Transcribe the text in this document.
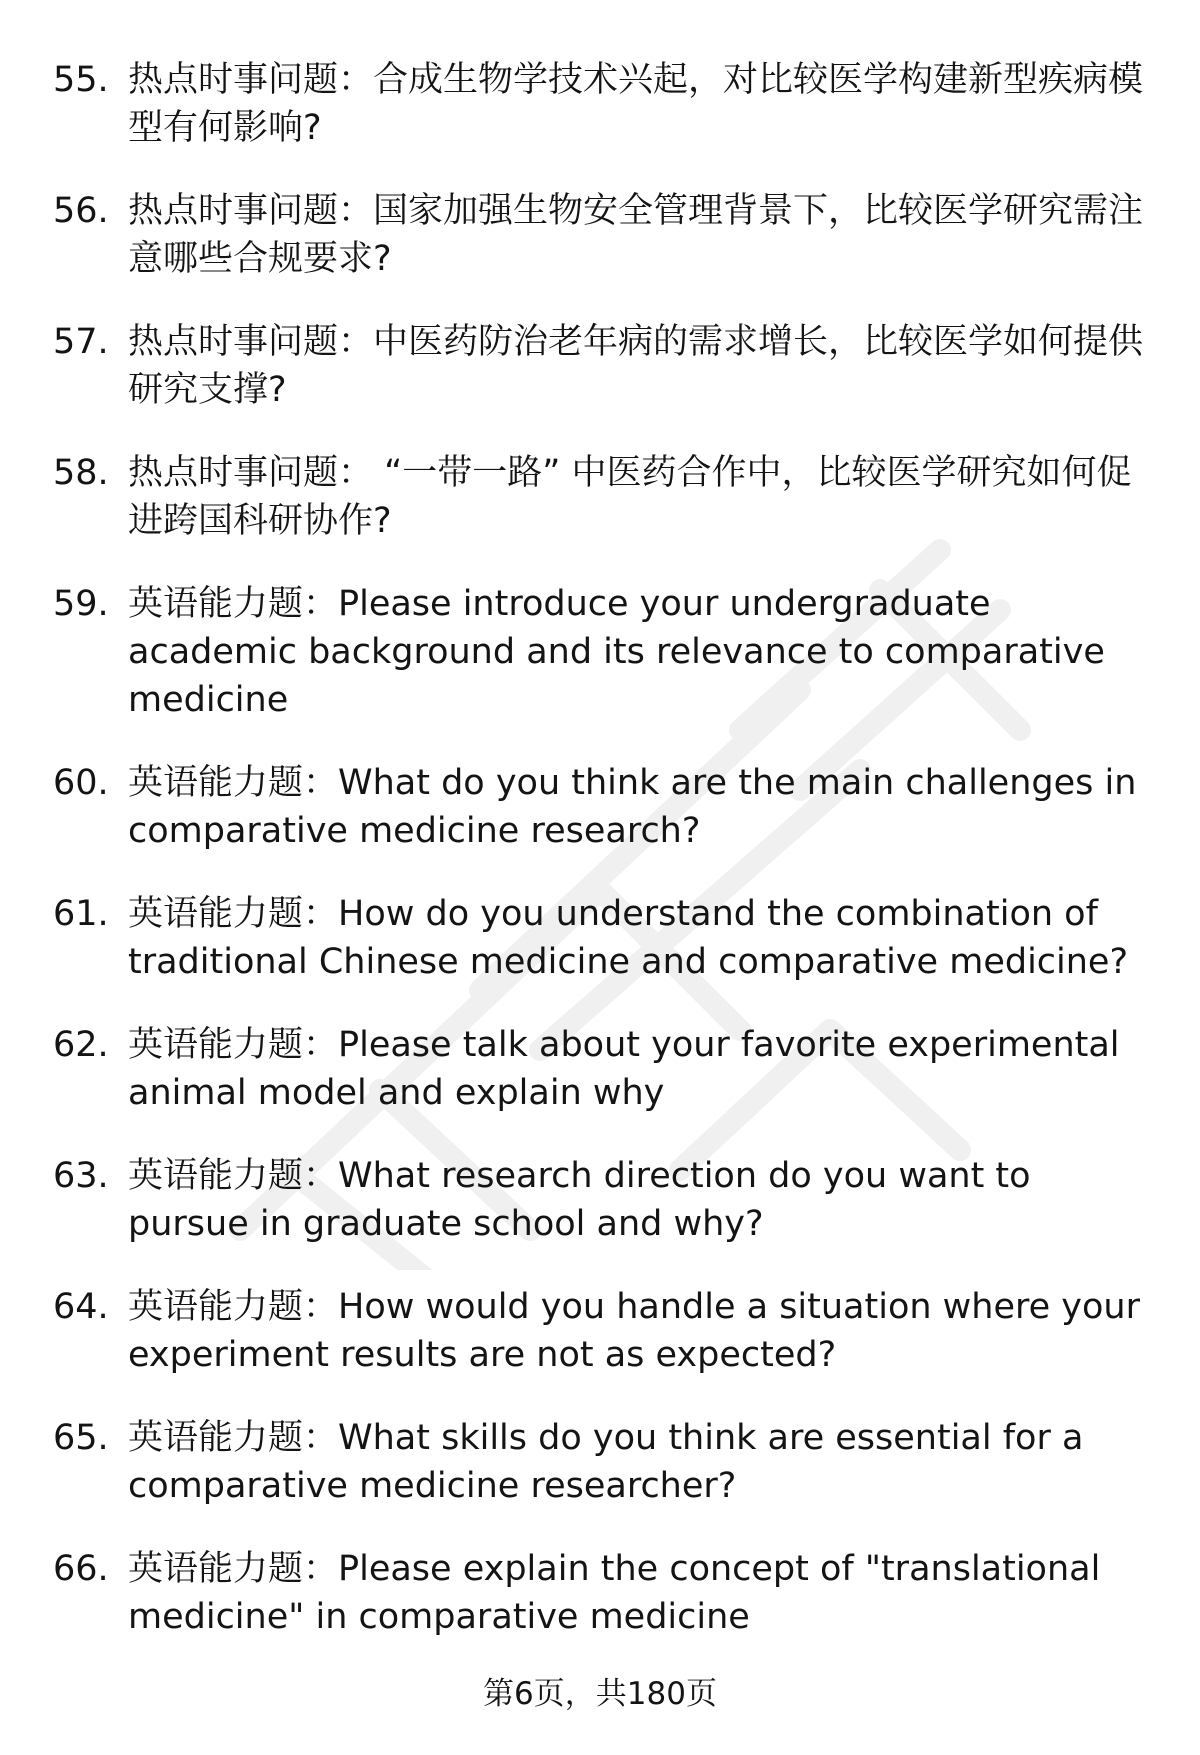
55. 热点时事问题：合成生物学技术兴起，对比较医学构建新型疾病模型有何影响?
56. 热点时事问题：国家加强生物安全管理背景下，比较医学研究需注意哪些合规要求?
57. 热点时事问题：中医药防治老年病的需求增长，比较医学如何提供研究支撑?
58. 热点时事问题： “一带一路” 中医药合作中，比较医学研究如何促进跨国科研协作?
59. 英语能力题：Please introduce your undergraduate academic background and its relevance to comparative medicine
60. 英语能力题：What do you think are the main challenges in comparative medicine research?
61. 英语能力题：How do you understand the combination of traditional Chinese medicine and comparative medicine?
62. 英语能力题：Please talk about your favorite experimental animal model and explain why
63. 英语能力题：What research direction do you want to pursue in graduate school and why?
64. 英语能力题：How would you handle a situation where your experiment results are not as expected?
65. 英语能力题：What skills do you think are essential for a comparative medicine researcher?
66. 英语能力题：Please explain the concept of "translational medicine" in comparative medicine
第6页，共180页
